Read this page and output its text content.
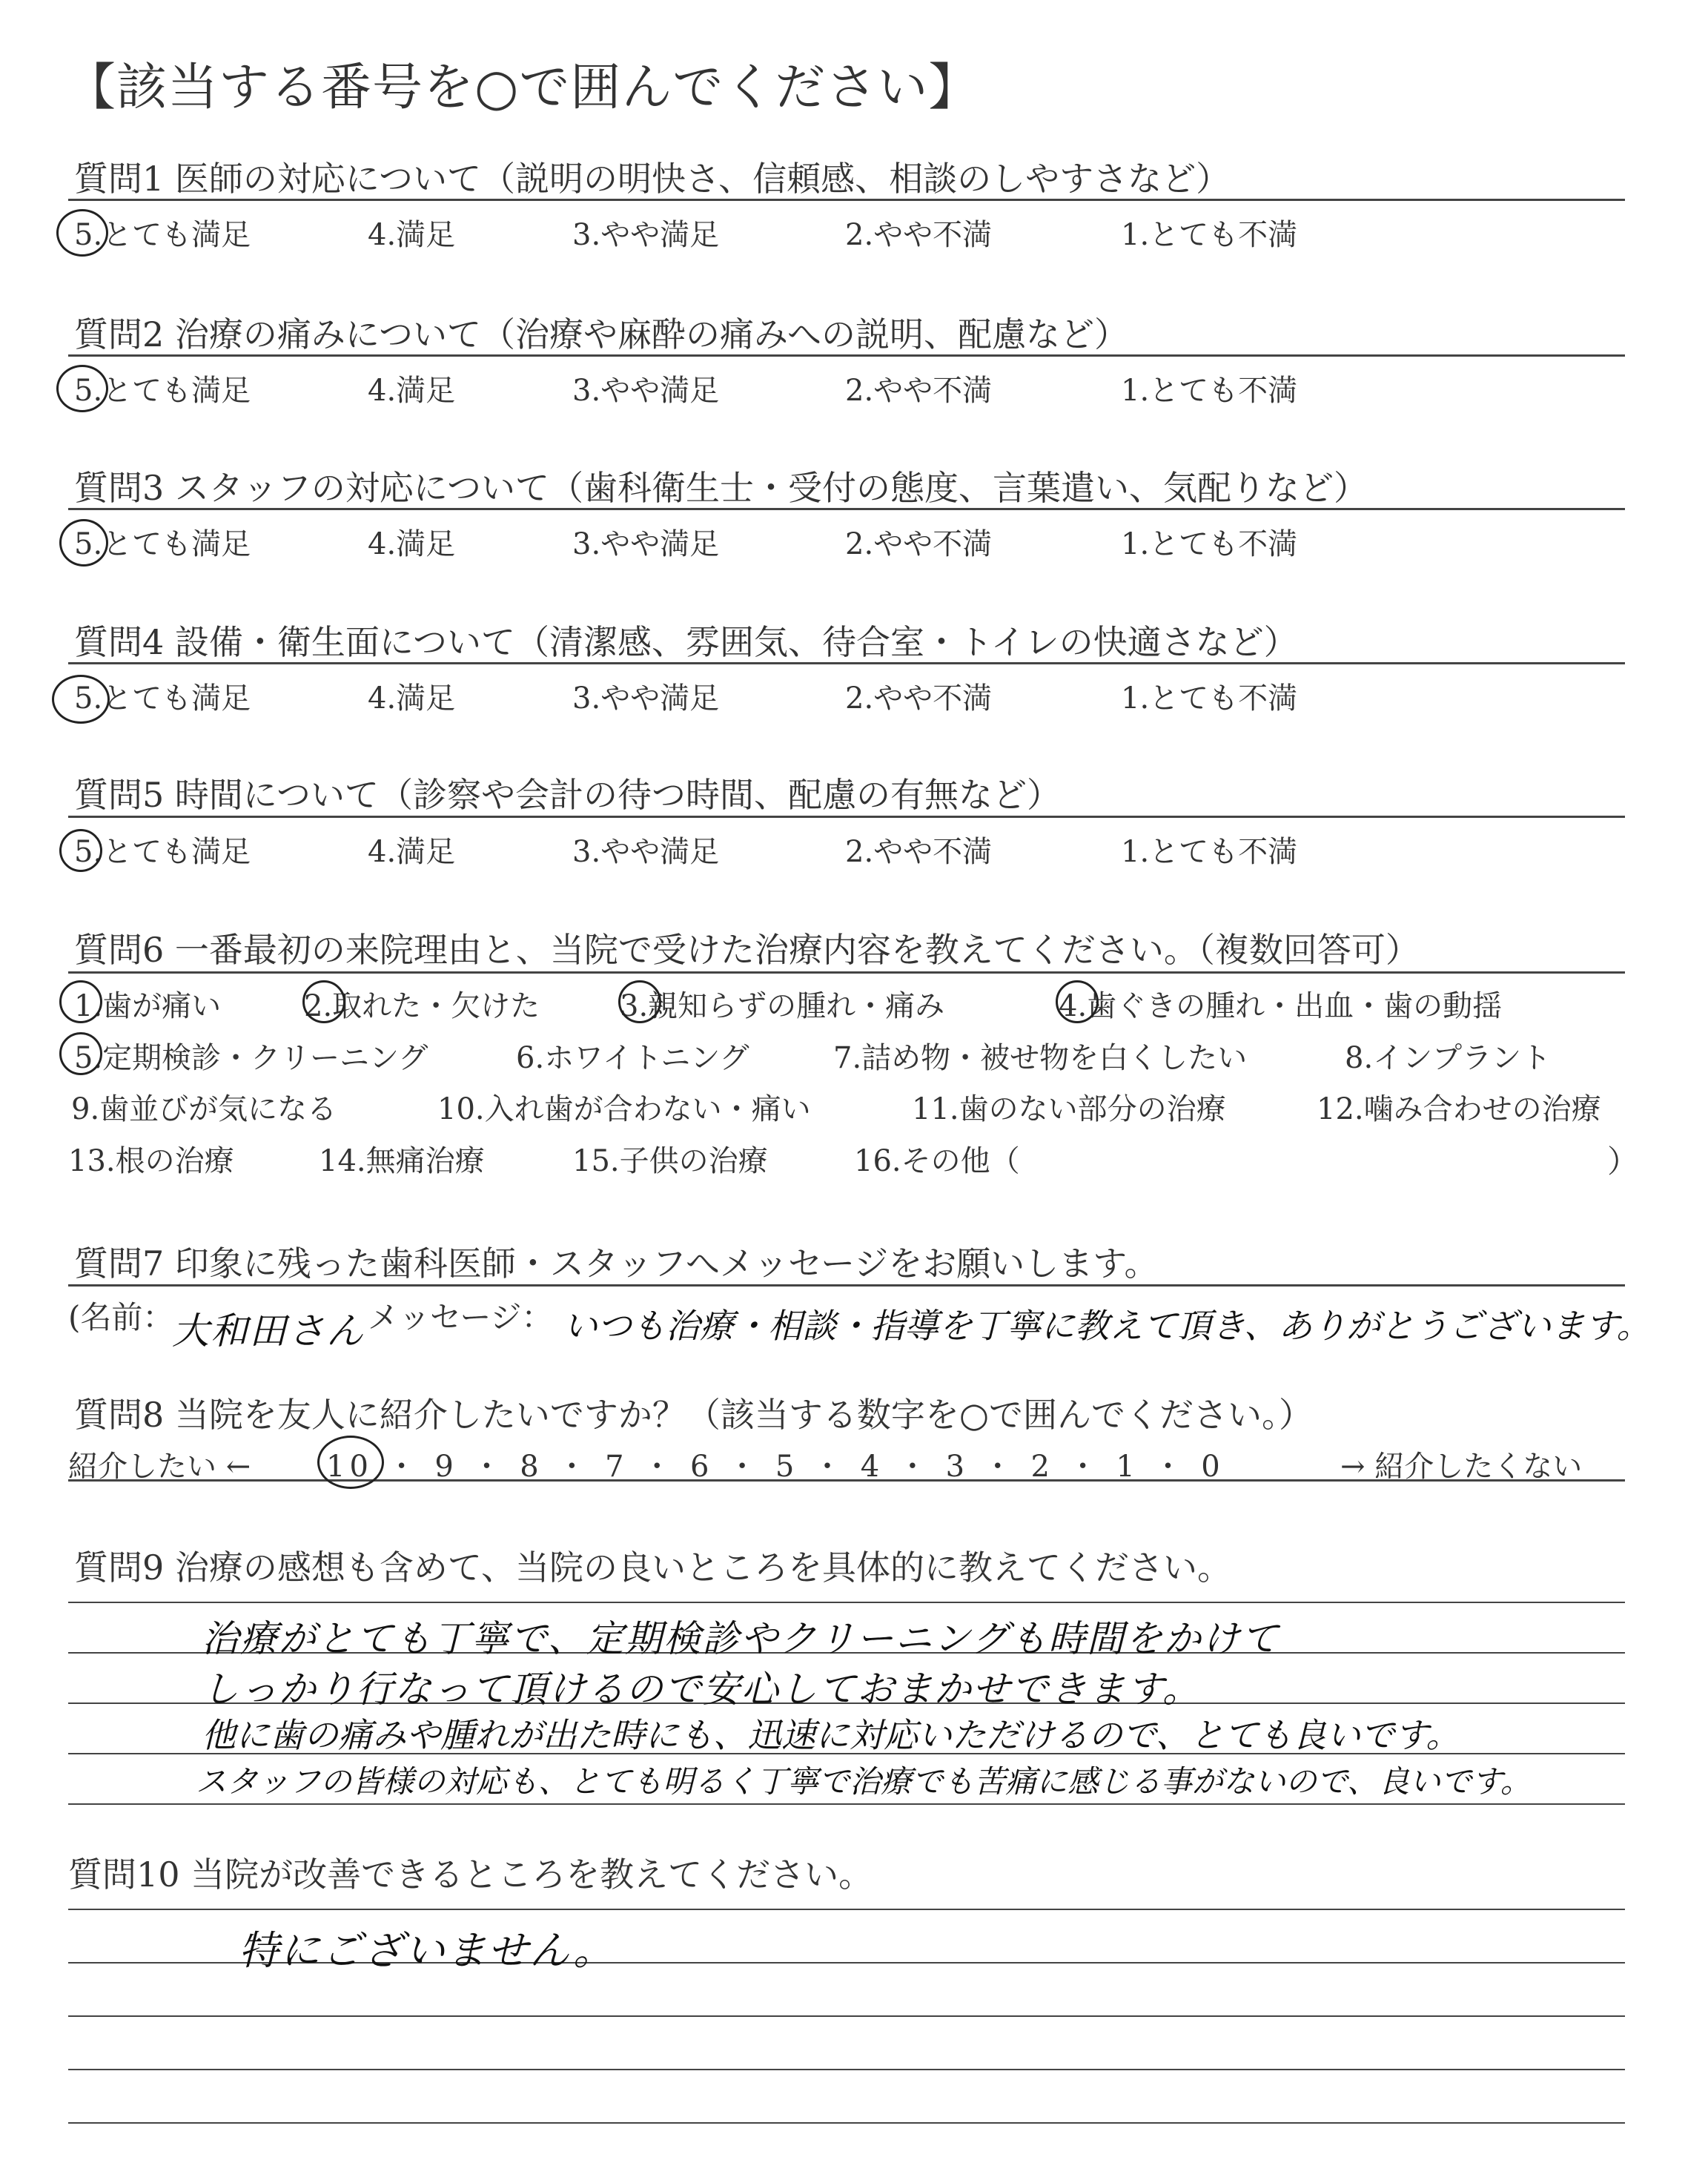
【該当する番号を○で囲んでください】
質問1 医師の対応について（説明の明快さ、信頼感、相談のしやすさなど）
5.とても満足	4.満足	3.やや満足	2.やや不満	1.とても不満
質問2 治療の痛みについて（治療や麻酔の痛みへの説明、配慮など）
5.とても満足	4.満足	3.やや満足	2.やや不満	1.とても不満
質問3 スタッフの対応について（歯科衛生士・受付の態度、言葉遣い、気配りなど）
5.とても満足	4.満足	3.やや満足	2.やや不満	1.とても不満
質問4 設備・衛生面について（清潔感、雰囲気、待合室・トイレの快適さなど）
5.とても満足	4.満足	3.やや満足	2.やや不満	1.とても不満
質問5 時間について（診察や会計の待つ時間、配慮の有無など）
5.とても満足	4.満足	3.やや満足	2.やや不満	1.とても不満
質問6 一番最初の来院理由と、当院で受けた治療内容を教えてください。（複数回答可）
1.歯が痛い	2.取れた・欠けた	3.親知らずの腫れ・痛み	4.歯ぐきの腫れ・出血・歯の動揺
5.定期検診・クリーニング	6.ホワイトニング	7.詰め物・被せ物を白くしたい	8.インプラント
9.歯並びが気になる	10.入れ歯が合わない・痛い	11.歯のない部分の治療	12.噛み合わせの治療
13.根の治療	14.無痛治療	15.子供の治療	16.その他（	）
質問7 印象に残った歯科医師・スタッフへメッセージをお願いします。
(名前：
大和田さん メッセージ： いつも治療・相談・指導を丁寧に教えて頂き、ありがとうございます。
質問8 当院を友人に紹介したいですか？（該当する数字を○で囲んでください。）
紹介したい ←	10 ・ 9 ・ 8 ・ 7 ・ 6 ・ 5 ・ 4 ・ 3 ・ 2 ・ 1 ・ 0	→ 紹介したくない
質問9 治療の感想も含めて、当院の良いところを具体的に教えてください。
治療がとても丁寧で、定期検診やクリーニングも時間をかけて
しっかり行なって頂けるので安心しておまかせできます。
他に歯の痛みや腫れが出た時にも、迅速に対応いただけるので、とても良いです。
スタッフの皆様の対応も、とても明るく丁寧で治療でも苦痛に感じる事がないので、良いです。
質問10 当院が改善できるところを教えてください。
特にございません。
